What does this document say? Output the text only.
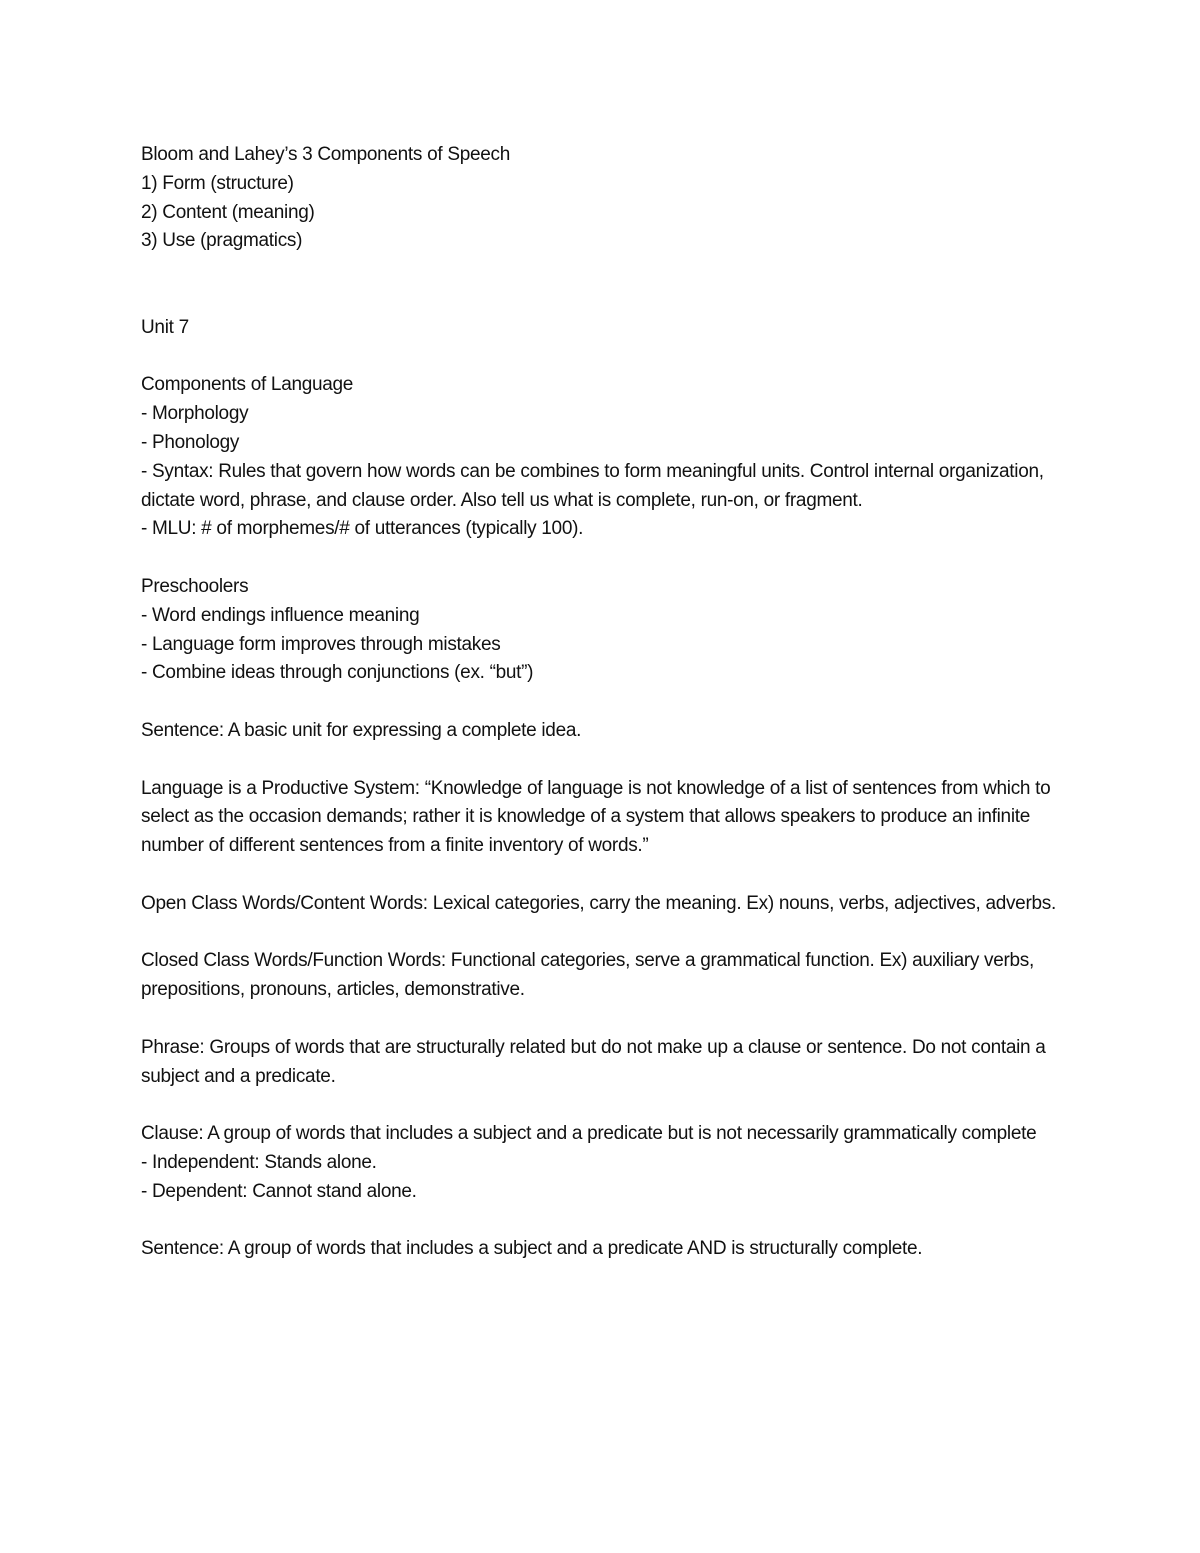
Bloom and Lahey’s 3 Components of Speech
1) Form (structure)
2) Content (meaning)
3) Use (pragmatics)
Unit 7
Components of Language
- Morphology
- Phonology
- Syntax: Rules that govern how words can be combines to form meaningful units. Control internal organization, dictate word, phrase, and clause order. Also tell us what is complete, run-on, or fragment.
- MLU: # of morphemes/# of utterances (typically 100).
Preschoolers
- Word endings influence meaning
- Language form improves through mistakes
- Combine ideas through conjunctions (ex. “but”)
Sentence: A basic unit for expressing a complete idea.
Language is a Productive System: “Knowledge of language is not knowledge of a list of sentences from which to select as the occasion demands; rather it is knowledge of a system that allows speakers to produce an infinite number of different sentences from a finite inventory of words.”
Open Class Words/Content Words: Lexical categories, carry the meaning. Ex) nouns, verbs, adjectives, adverbs.
Closed Class Words/Function Words: Functional categories, serve a grammatical function. Ex) auxiliary verbs, prepositions, pronouns, articles, demonstrative.
Phrase: Groups of words that are structurally related but do not make up a clause or sentence. Do not contain a subject and a predicate.
Clause: A group of words that includes a subject and a predicate but is not necessarily grammatically complete
- Independent: Stands alone.
- Dependent: Cannot stand alone.
Sentence: A group of words that includes a subject and a predicate AND is structurally complete.
